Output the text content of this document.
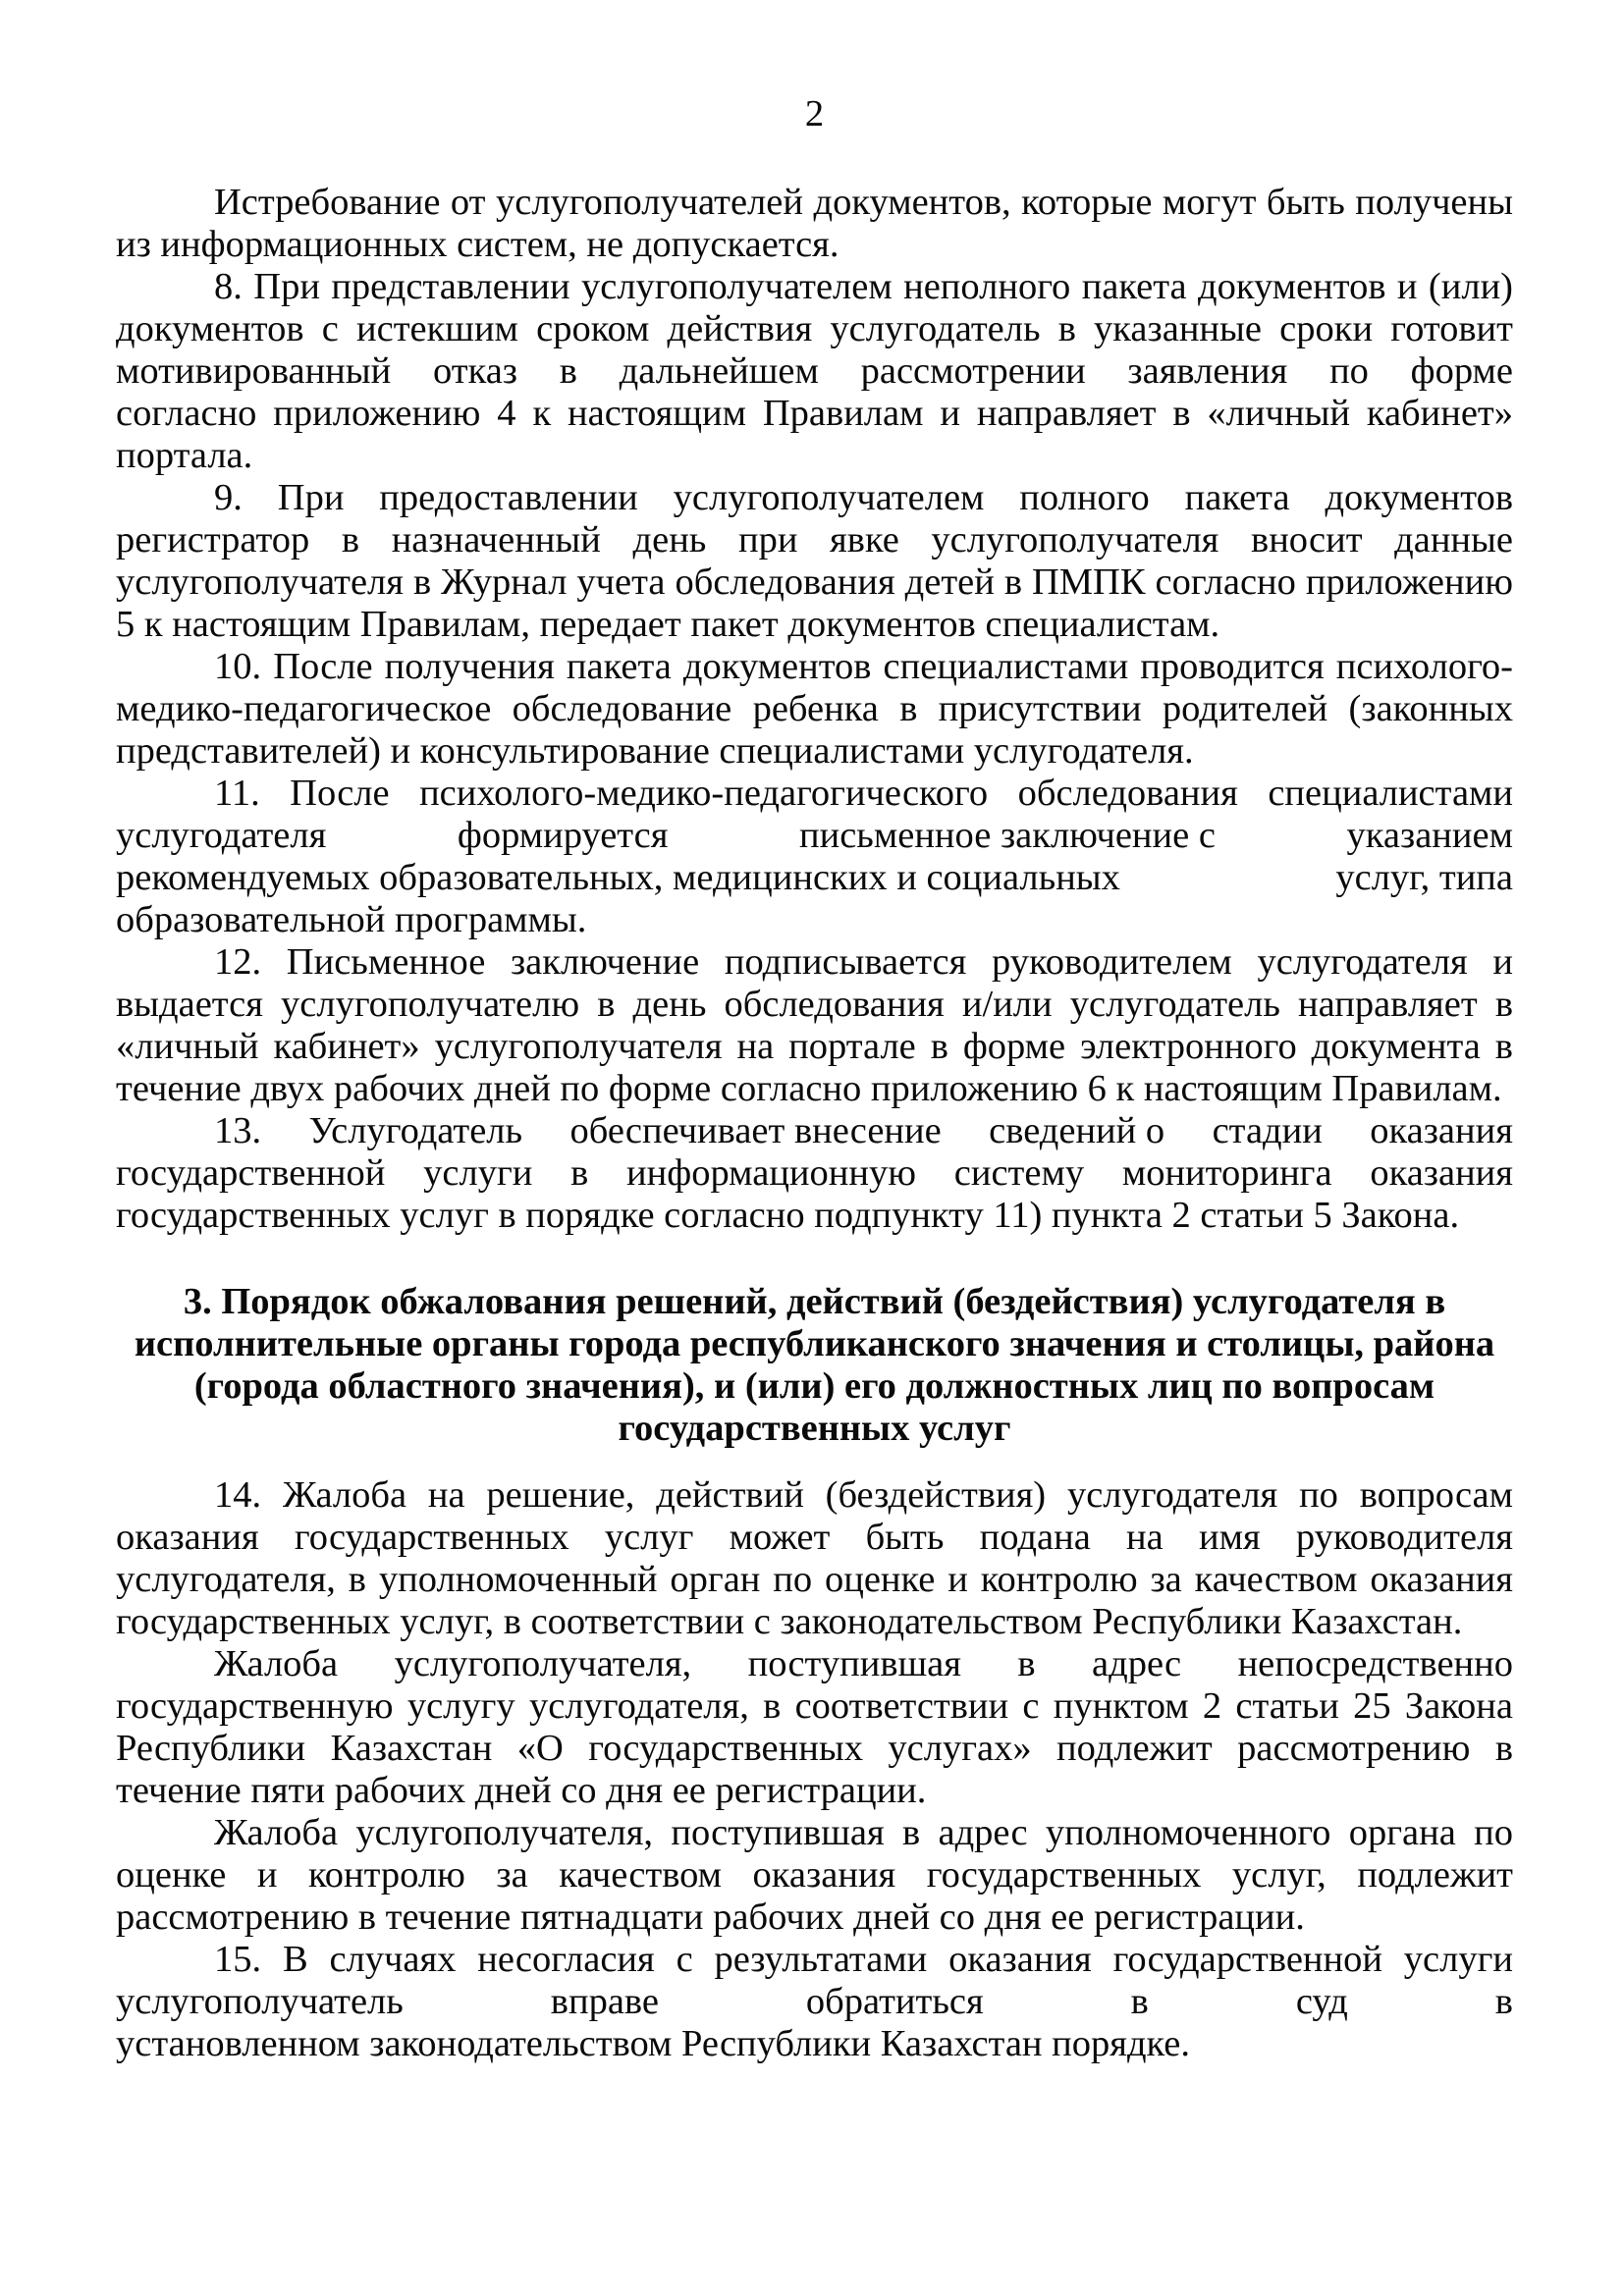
2
Истребование от услугополучателей документов, которые могут быть получены
из информационных систем, не допускается.
8. При представлении услугополучателем неполного пакета документов и (или)
документов с истекшим сроком действия услугодатель в указанные сроки готовит
мотивированный отказ в дальнейшем рассмотрении заявления по форме
согласно приложению 4 к настоящим Правилам и направляет в «личный кабинет»
портала.
9. При предоставлении услугополучателем полного пакета документов
регистратор в назначенный день при явке услугополучателя вносит данные
услугополучателя в Журнал учета обследования детей в ПМПК согласно приложению
5 к настоящим Правилам, передает пакет документов специалистам.
10. После получения пакета документов специалистами проводится психолого-
медико-педагогическое обследование ребенка в присутствии родителей (законных
представителей) и консультирование специалистами услугодателя.
11. После психолого-медико-педагогического обследования специалистами
услугодателя	формируется	письменное заключение с	указанием
рекомендуемых образовательных, медицинских и социальных	услуг, типа
образовательной программы.
12. Письменное заключение подписывается руководителем услугодателя и
выдается услугополучателю в день обследования и/или услугодатель направляет в
«личный кабинет» услугополучателя на портале в форме электронного документа в
течение двух рабочих дней по форме согласно приложению 6 к настоящим Правилам.
13. Услугодатель обеспечивает внесение сведений о стадии оказания
государственной услуги в информационную систему мониторинга оказания
государственных услуг в порядке согласно подпункту 11) пункта 2 статьи 5 Закона.
3. Порядок обжалования решений, действий (бездействия) услугодателя в
исполнительные органы города республиканского значения и столицы, района
(города областного значения), и (или) его должностных лиц по вопросам
государственных услуг
14. Жалоба на решение, действий (бездействия) услугодателя по вопросам
оказания государственных услуг может быть подана на имя руководителя
услугодателя, в уполномоченный орган по оценке и контролю за качеством оказания
государственных услуг, в соответствии с законодательством Республики Казахстан.
Жалоба услугополучателя, поступившая в адрес непосредственно
государственную услугу услугодателя, в соответствии с пунктом 2 статьи 25 Закона
Республики Казахстан «О государственных услугах» подлежит рассмотрению в
течение пяти рабочих дней со дня ее регистрации.
Жалоба услугополучателя, поступившая в адрес уполномоченного органа по
оценке и контролю за качеством оказания государственных услуг, подлежит
рассмотрению в течение пятнадцати рабочих дней со дня ее регистрации.
15. В случаях несогласия с результатами оказания государственной услуги
услугополучатель	вправе	обратиться	в	суд	в
установленном законодательством Республики Казахстан порядке.
